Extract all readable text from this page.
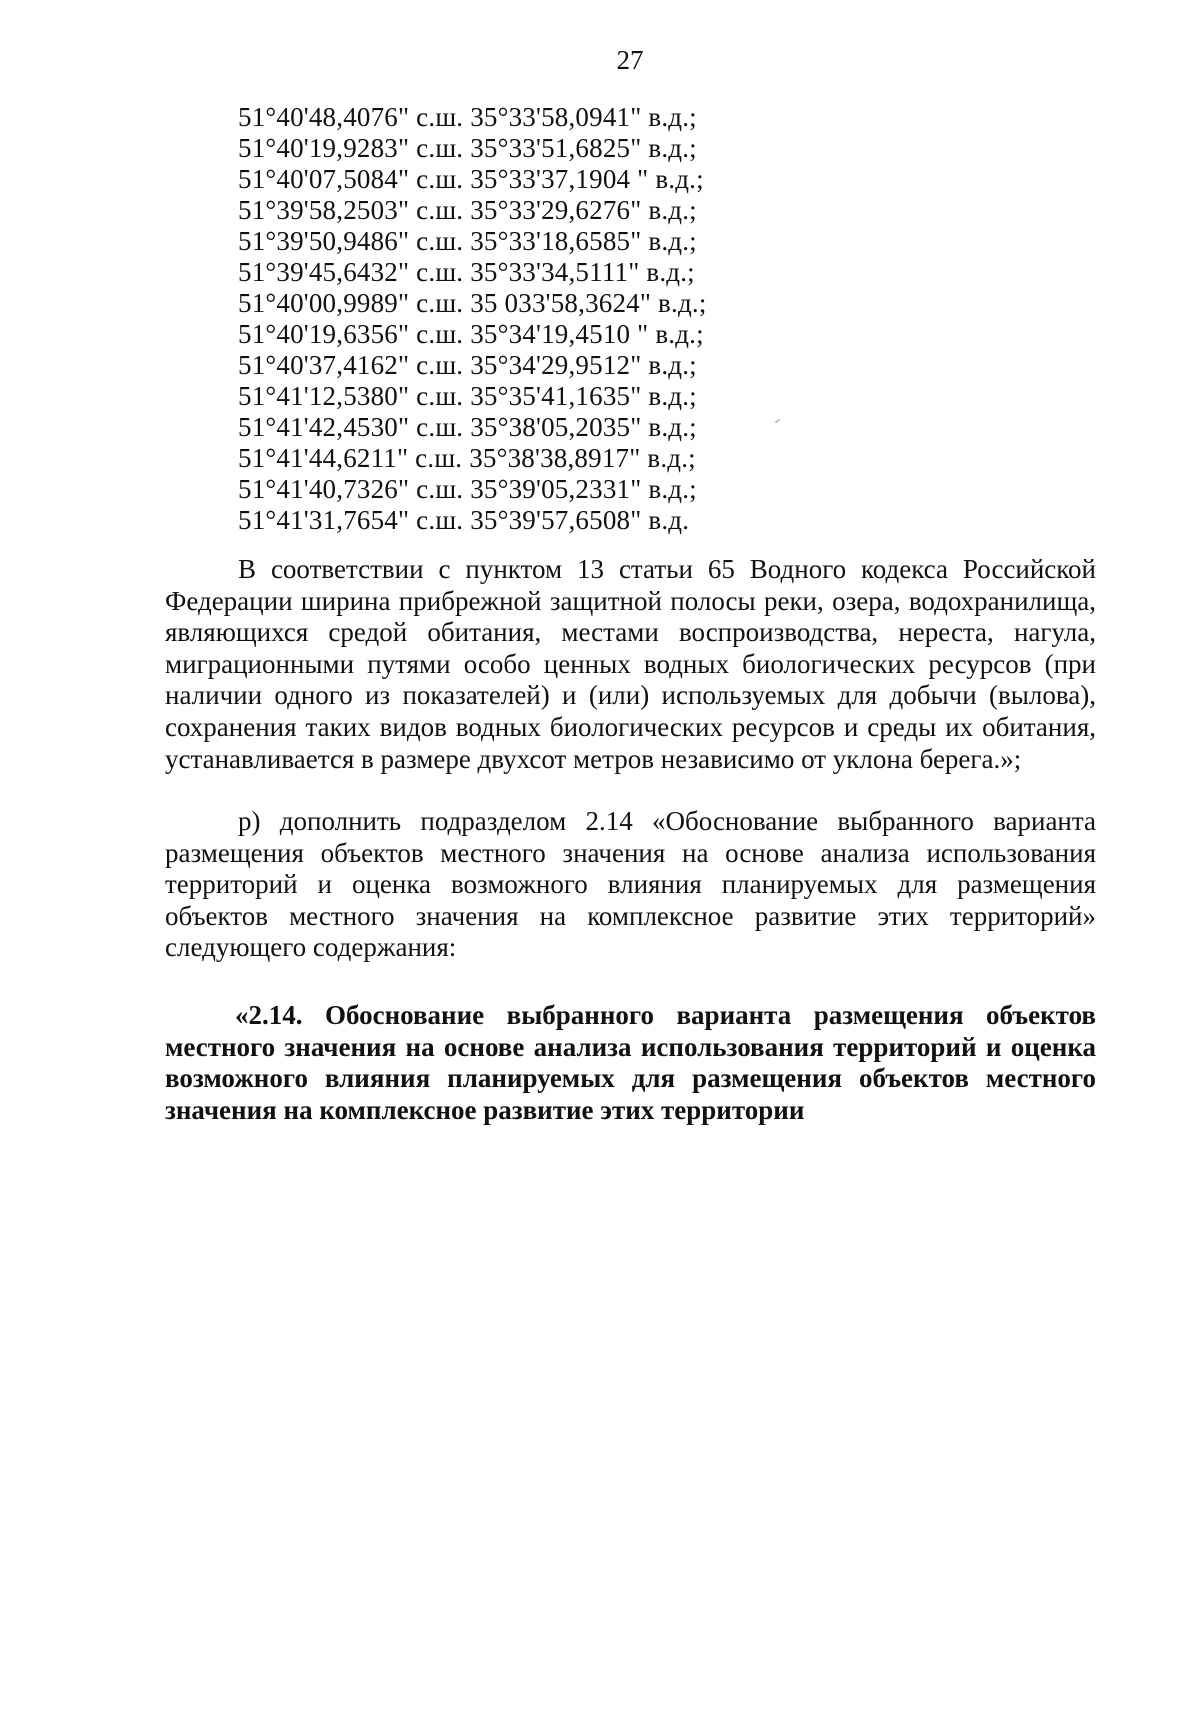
27
51°40'48,4076" с.ш. 35°33'58,0941" в.д.;
51°40'19,9283" с.ш. 35°33'51,6825" в.д.;
51°40'07,5084" с.ш. 35°33'37,1904 " в.д.;
51°39'58,2503" с.ш. 35°33'29,6276" в.д.;
51°39'50,9486" с.ш. 35°33'18,6585" в.д.;
51°39'45,6432" с.ш. 35°33'34,5111" в.д.;
51°40'00,9989" с.ш. 35 033'58,3624" в.д.;
51°40'19,6356" с.ш. 35°34'19,4510 " в.д.;
51°40'37,4162" с.ш. 35°34'29,9512" в.д.;
51°41'12,5380" с.ш. 35°35'41,1635" в.д.;
51°41'42,4530" с.ш. 35°38'05,2035" в.д.;
51°41'44,6211" с.ш. 35°38'38,8917" в.д.;
51°41'40,7326" с.ш. 35°39'05,2331" в.д.;
51°41'31,7654" с.ш. 35°39'57,6508" в.д.

В соответствии с пунктом 13 статьи 65 Водного кодекса Российской Федерации ширина прибрежной защитной полосы реки, озера, водохранилища, являющихся средой обитания, местами воспроизводства, нереста, нагула, миграционными путями особо ценных водных биологических ресурсов (при наличии одного из показателей) и (или) используемых для добычи (вылова), сохранения таких видов водных биологических ресурсов и среды их обитания, устанавливается в размере двухсот метров независимо от уклона берега.»;

р) дополнить подразделом 2.14 «Обоснование выбранного варианта размещения объектов местного значения на основе анализа использования территорий и оценка возможного влияния планируемых для размещения объектов местного значения на комплексное развитие этих территорий» следующего содержания:

«2.14. Обоснование выбранного варианта размещения объектов местного значения на основе анализа использования территорий и оценка возможного влияния планируемых для размещения объектов местного значения на комплексное развитие этих территории
